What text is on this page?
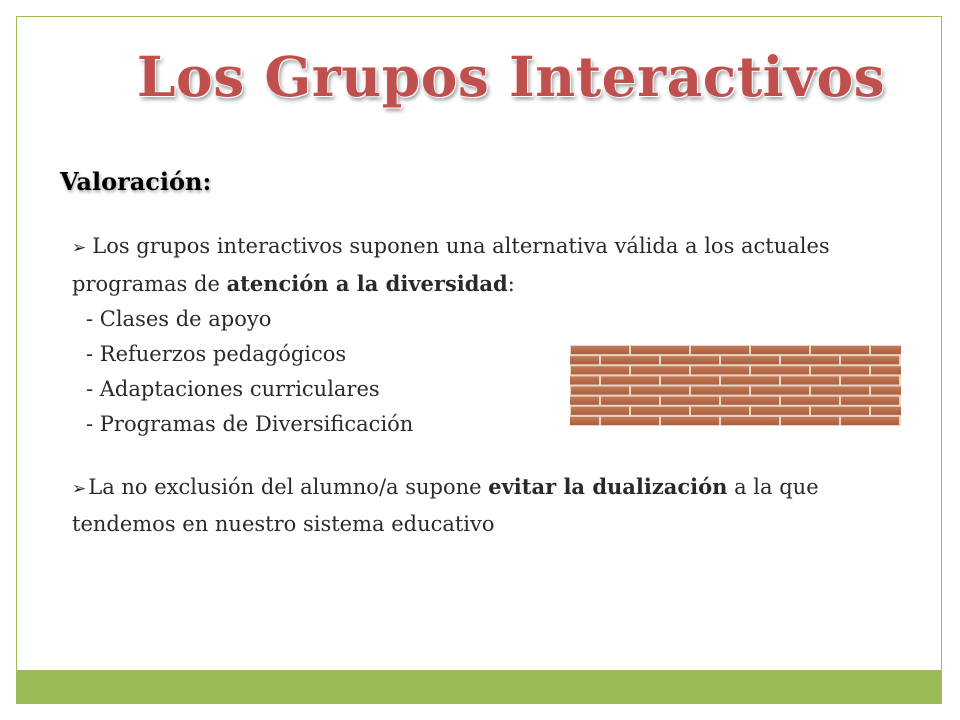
Los Grupos Interactivos
Valoración:

➢ Los grupos interactivos suponen una alternativa válida a los actuales programas de atención a la diversidad:

- Clases de apoyo
- Refuerzos pedagógicos
- Adaptaciones curriculares
- Programas de Diversificación

➢La no exclusión del alumno/a supone evitar la dualización a la que tendemos en nuestro sistema educativo
